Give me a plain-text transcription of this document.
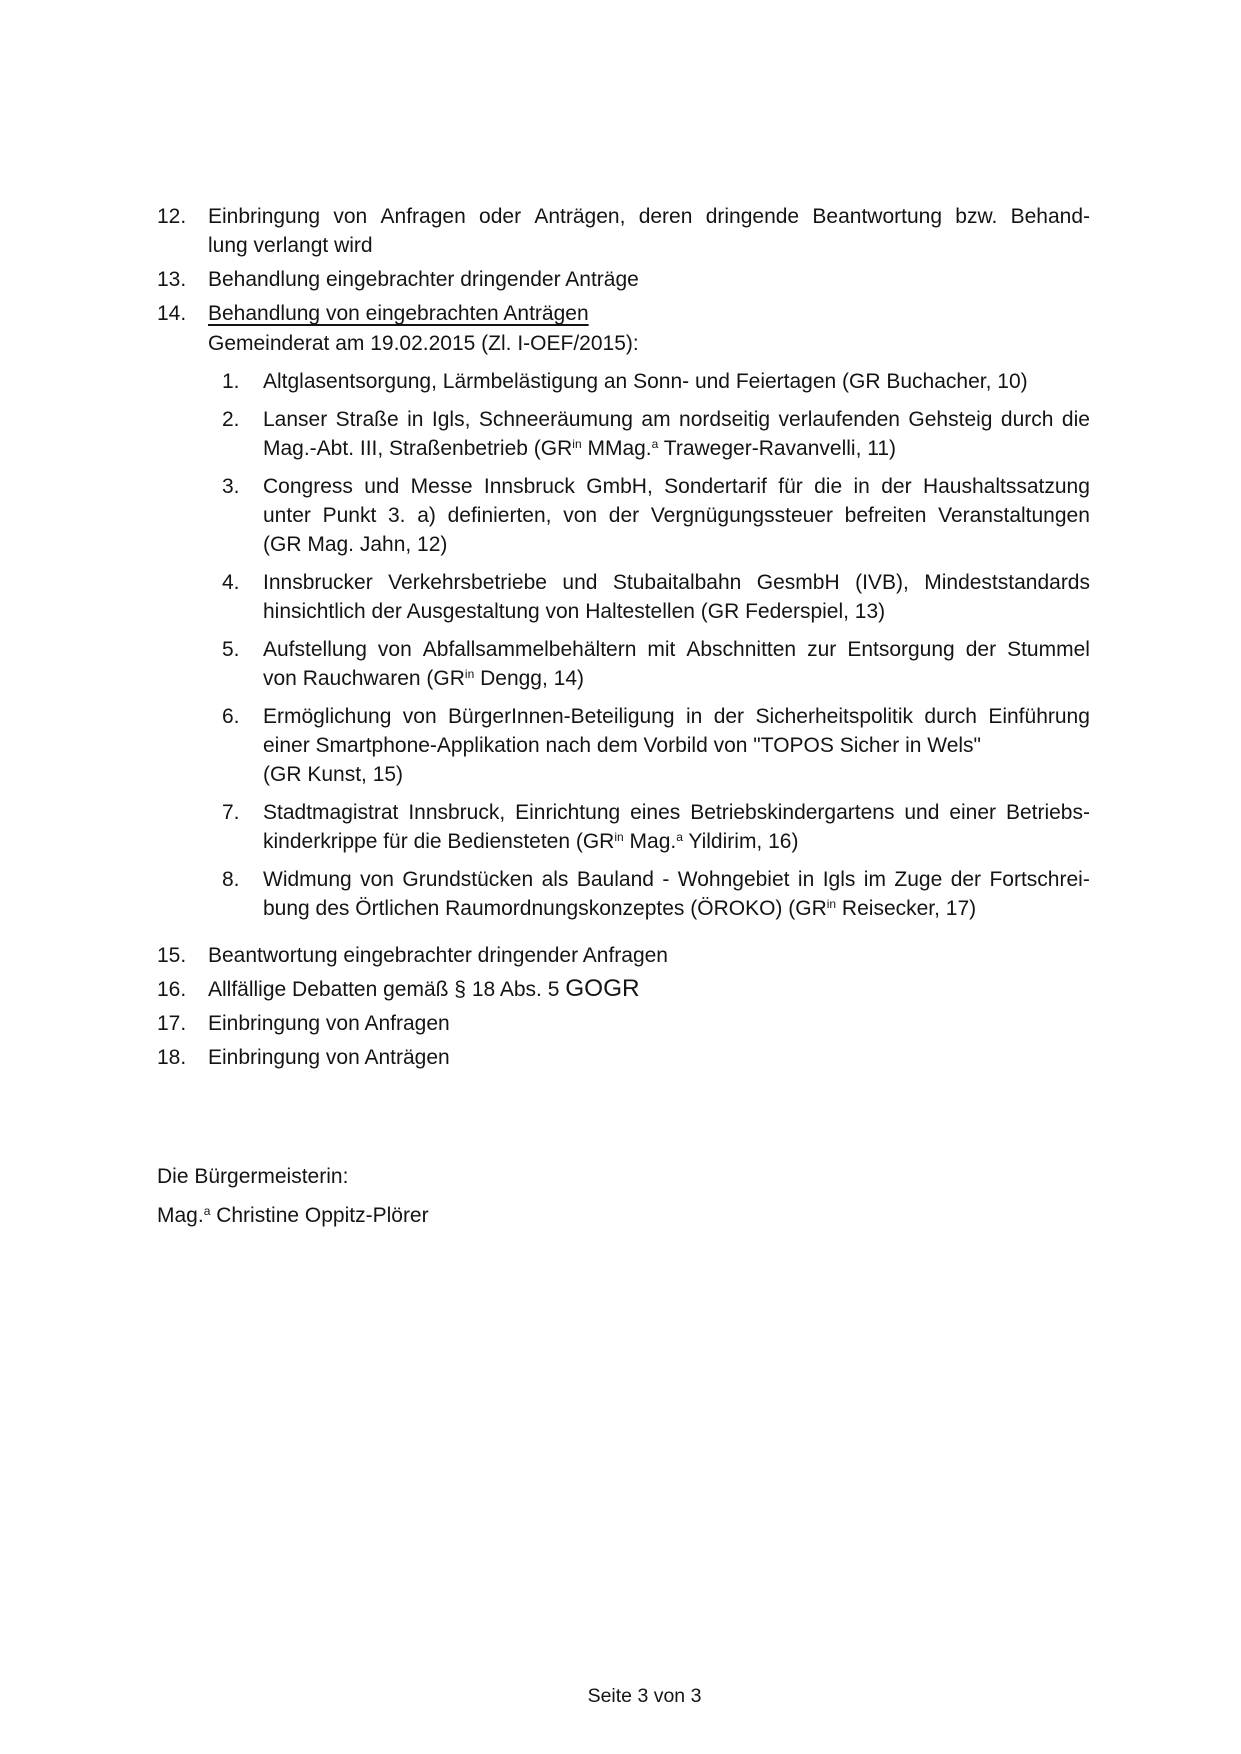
12.	Einbringung von Anfragen oder Anträgen, deren dringende Beantwortung bzw. Behand-
lung verlangt wird
13.	Behandlung eingebrachter dringender Anträge
14.	Behandlung von eingebrachten Anträgen
Gemeinderat am 19.02.2015 (Zl. I-OEF/2015):
1.	Altglasentsorgung, Lärmbelästigung an Sonn- und Feiertagen (GR Buchacher, 10)
2.	Lanser Straße in Igls, Schneeräumung am nordseitig verlaufenden Gehsteig durch die
Mag.-Abt. III, Straßenbetrieb ($GR^{in}$ MMag.$^a$ Traweger-Ravanvelli, 11)
3.	Congress und Messe Innsbruck GmbH, Sondertarif für die in der Haushaltssatzung
unter Punkt 3. a) definierten, von der Vergnügungssteuer befreiten Veranstaltungen
(GR Mag. Jahn, 12)
4.	Innsbrucker Verkehrsbetriebe und Stubaitalbahn GesmbH (IVB), Mindeststandards
hinsichtlich der Ausgestaltung von Haltestellen (GR Federspiel, 13)
5.	Aufstellung von Abfallsammelbehältern mit Abschnitten zur Entsorgung der Stummel
von Rauchwaren ($GR^{in}$ Dengg, 14)
6.	Ermöglichung von BürgerInnen-Beteiligung in der Sicherheitspolitik durch Einführung
einer Smartphone-Applikation nach dem Vorbild von "TOPOS Sicher in Wels"
(GR Kunst, 15)
7.	Stadtmagistrat Innsbruck, Einrichtung eines Betriebskindergartens und einer Betriebs-
kinderkrippe für die Bediensteten ($GR^{in}$ Mag.$^a$ Yildirim, 16)
8.	Widmung von Grundstücken als Bauland - Wohngebiet in Igls im Zuge der Fortschrei-
bung des Örtlichen Raumordnungskonzeptes (ÖROKO) ($GR^{in}$ Reisecker, 17)
15.	Beantwortung eingebrachter dringender Anfragen
16.	Allfällige Debatten gemäß § 18 Abs. 5 GOGR
17.	Einbringung von Anfragen
18.	Einbringung von Anträgen
Die Bürgermeisterin:
Mag.$^a$ Christine Oppitz-Plörer
Seite 3 von 3
